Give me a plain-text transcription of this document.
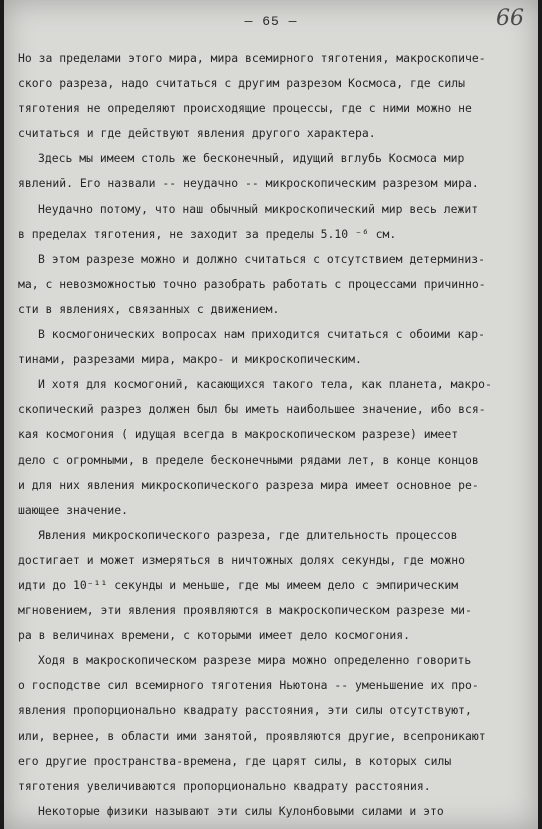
— 65 —	66
Но за пределами этого мира, мира всемирного тяготения, макроскопиче-
ского разреза, надо считаться с другим разрезом Космоса, где силы
тяготения не определяют происходящие процессы, где с ними можно не
считаться и где действуют явления другого характера.
Здесь мы имеем столь же бесконечный, идущий вглубь Космоса мир
явлений. Его назвали -- неудачно -- микроскопическим разрезом мира.
Неудачно потому, что наш обычный микроскопический мир весь лежит
в пределах тяготения, не заходит за пределы 5.10 ⁻⁶ см.
В этом разрезе можно и должно считаться с отсутствием детерминиз-
ма, с невозможностью точно разобрать работать с процессами причинно-
сти в явлениях, связанных с движением.
В космогонических вопросах нам приходится считаться с обоими кар-
тинами, разрезами мира, макро- и микроскопическим.
И хотя для космогоний, касающихся такого тела, как планета, макро-
скопический разрез должен был бы иметь наибольшее значение, ибо вся-
кая космогония ( идущая всегда в макроскопическом разрезе) имеет
дело с огромными, в пределе бесконечными рядами лет, в конце концов
и для них явления микроскопического разреза мира имеет основное ре-
шающее значение.
Явления микроскопического разреза, где длительность процессов
достигает и может измеряться в ничтожных долях секунды, где можно
идти до 10⁻¹¹ секунды и меньше, где мы имеем дело с эмпирическим
мгновением, эти явления проявляются в макроскопическом разрезе ми-
ра в величинах времени, с которыми имеет дело космогония.
Ходя в макроскопическом разрезе мира можно определенно говорить
о господстве сил всемирного тяготения Ньютона -- уменьшение их про-
явления пропорционально квадрату расстояния, эти силы отсутствуют,
или, вернее, в области ими занятой, проявляются другие, всепроникают
его другие пространства-времена, где царят силы, в которых силы
тяготения увеличиваются пропорционально квадрату расстояния.
Некоторые физики называют эти силы Кулонбовыми силами и это
